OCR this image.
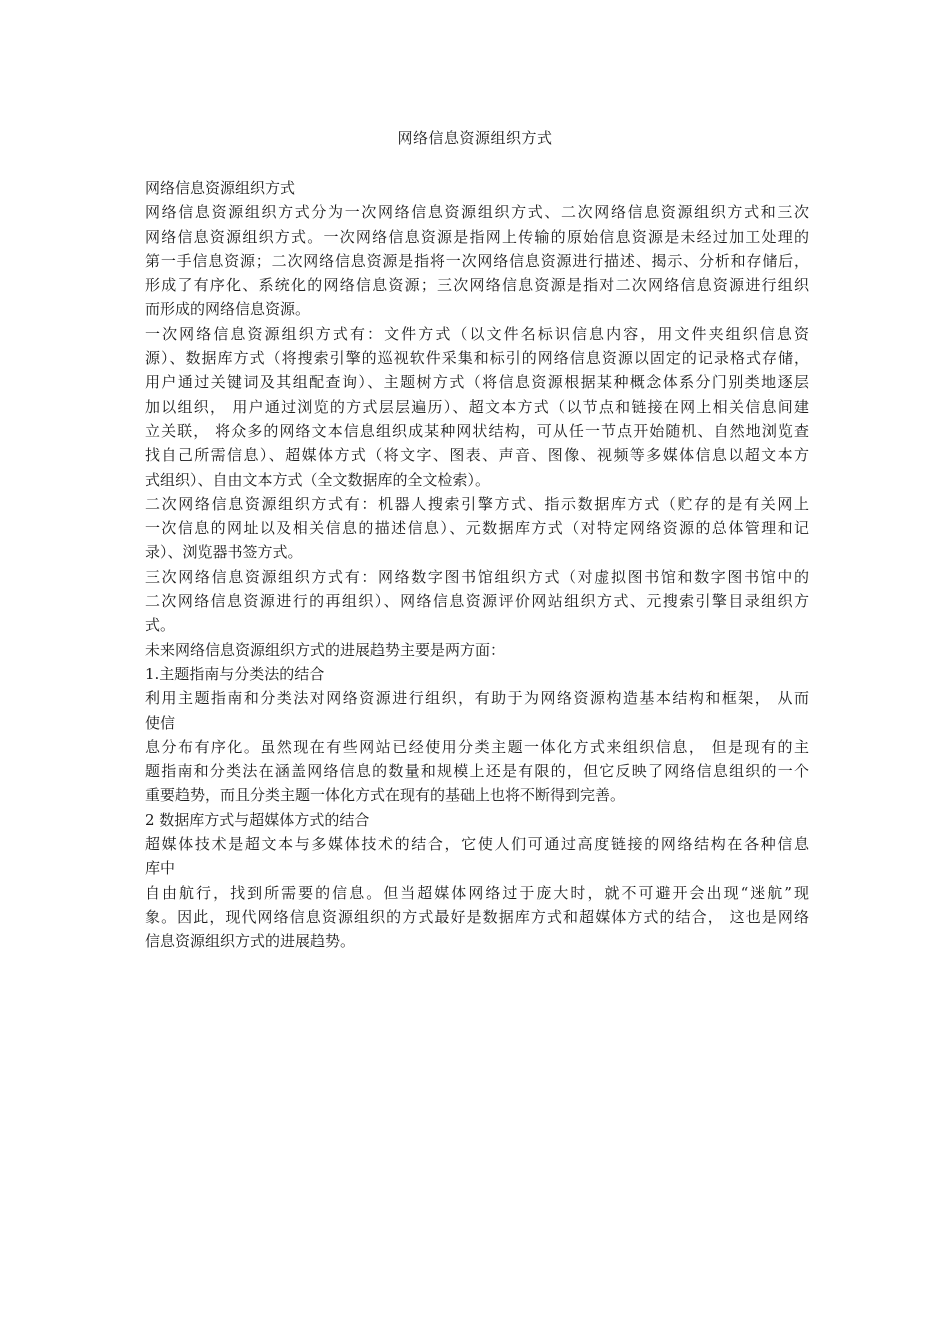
网络信息资源组织方式
网络信息资源组织方式
网络信息资源组织方式分为一次网络信息资源组织方式、二次网络信息资源组织方式和三次
网络信息资源组织方式。一次网络信息资源是指网上传输的原始信息资源是未经过加工处理的
第一手信息资源；二次网络信息资源是指将一次网络信息资源进行描述、揭示、分析和存储后，
形成了有序化、系统化的网络信息资源；三次网络信息资源是指对二次网络信息资源进行组织
而形成的网络信息资源。
一次网络信息资源组织方式有：文件方式（以文件名标识信息内容，用文件夹组织信息资
源）、数据库方式（将搜索引擎的巡视软件采集和标引的网络信息资源以固定的记录格式存储，
用户通过关键词及其组配查询）、主题树方式（将信息资源根据某种概念体系分门别类地逐层
加以组织， 用户通过浏览的方式层层遍历）、超文本方式（以节点和链接在网上相关信息间建
立关联， 将众多的网络文本信息组织成某种网状结构，可从任一节点开始随机、自然地浏览查
找自己所需信息）、超媒体方式（将文字、图表、声音、图像、视频等多媒体信息以超文本方
式组织）、自由文本方式（全文数据库的全文检索）。
二次网络信息资源组织方式有：机器人搜索引擎方式、指示数据库方式（贮存的是有关网上
一次信息的网址以及相关信息的描述信息）、元数据库方式（对特定网络资源的总体管理和记
录）、浏览器书签方式。
三次网络信息资源组织方式有：网络数字图书馆组织方式（对虚拟图书馆和数字图书馆中的
二次网络信息资源进行的再组织）、网络信息资源评价网站组织方式、元搜索引擎目录组织方
式。
未来网络信息资源组织方式的进展趋势主要是两方面：
1.主题指南与分类法的结合
利用主题指南和分类法对网络资源进行组织，有助于为网络资源构造基本结构和框架， 从而
使信
息分布有序化。虽然现在有些网站已经使用分类主题一体化方式来组织信息， 但是现有的主
题指南和分类法在涵盖网络信息的数量和规模上还是有限的，但它反映了网络信息组织的一个
重要趋势，而且分类主题一体化方式在现有的基础上也将不断得到完善。
2 数据库方式与超媒体方式的结合
超媒体技术是超文本与多媒体技术的结合，它使人们可通过高度链接的网络结构在各种信息
库中
自由航行，找到所需要的信息。但当超媒体网络过于庞大时，就不可避开会出现“迷航”现
象。因此，现代网络信息资源组织的方式最好是数据库方式和超媒体方式的结合， 这也是网络
信息资源组织方式的进展趋势。
